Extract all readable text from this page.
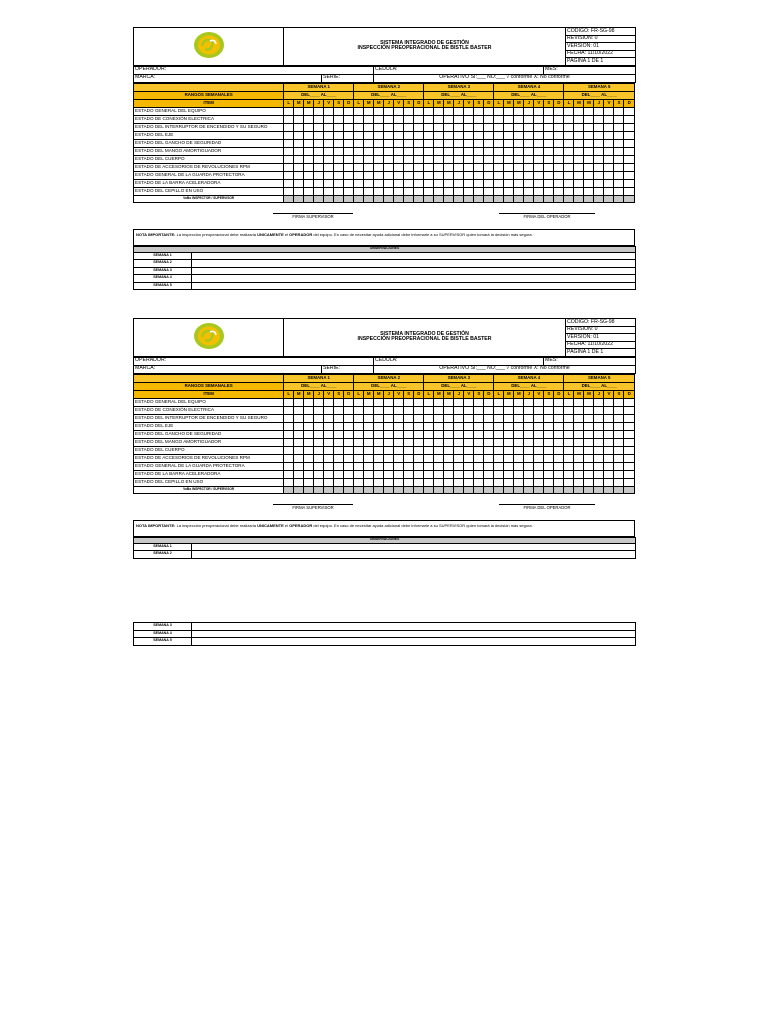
SISTEMA INTEGRADO DE GESTIÓN
INSPECCIÓN PREOPERACIONAL DE BISTLE BASTER
	CODIGO: FR-SG-98
REVISION: 0
VERSION: 01
FECHA: 11/10/2022
PAGINA 1 DE 1
OPERADOR:		CEDULA:	MES:
MARCA:	SERIE:	OPERATIVO SI:___ NO:___ √ conforme X: No conforme	
	SEMANA 1							SEMANA 2							SEMANA 3							SEMANA 4							SEMANA 5						
RANGOS SEMANALES	DEL____ AL____							DEL____ AL____							DEL____ AL____							DEL____ AL____							DEL____ AL____						
ITEM	L	M	M	J	V	S	D	L	M	M	J	V	S	D	L	M	M	J	V	S	D	L	M	M	J	V	S	D	L	M	M	J	V	S	D
ESTADO GENERAL DEL EQUIPO																																			
ESTADO DE CONEXIÓN ELECTRICA																																			
ESTADO DEL INTERRUPTOR DE ENCENDIDO Y SU SEGURO																																			
ESTADO DEL EJE																																			
ESTADO DEL GANCHO DE SEGURIDAD																																			
ESTADO DEL MANGO AMORTIGUADOR																																			
ESTADO DEL CUERPO																																			
ESTADO DE ACCESORIOS DE REVOLUCIONES RPM																																			
ESTADO GENERAL DE LA GUARDA PROTECTORA																																			
ESTADO DE LA BARRA ACELERADORA																																			
ESTADO DEL CEPILLO EN USO																																			
VoBo INSPECTOR / SUPERVISOR																																			
FIRMA SUPERVISOR	FIRMA DEL OPERADOR
NOTA IMPORTANTE: La inspección preoperacional debe realizarla UNICAMENTE el OPERADOR del equipo. En caso de necesitar ayuda adicional debe informarle a su SUPERVISOR quien tomará la decisión más segura.
OBSERVACIONES	
SEMANA 1	
SEMANA 2	
SEMANA 3	
SEMANA 4	
SEMANA 5	

SISTEMA INTEGRADO DE GESTIÓN
INSPECCIÓN PREOPERACIONAL DE BISTLE BASTER
	CODIGO: FR-SG-98
REVISION: 0
VERSION: 01
FECHA: 11/10/2022
PAGINA 1 DE 1
OPERADOR:		CEDULA:	MES:
MARCA:	SERIE:	OPERATIVO SI:___ NO:___ √ conforme X: No conforme	
	SEMANA 1							SEMANA 2							SEMANA 3							SEMANA 4							SEMANA 5						
RANGOS SEMANALES	DEL____ AL____							DEL____ AL____							DEL____ AL____							DEL____ AL____							DEL____ AL____						
ITEM	L	M	M	J	V	S	D	L	M	M	J	V	S	D	L	M	M	J	V	S	D	L	M	M	J	V	S	D	L	M	M	J	V	S	D
ESTADO GENERAL DEL EQUIPO																																			
ESTADO DE CONEXIÓN ELECTRICA																																			
ESTADO DEL INTERRUPTOR DE ENCENDIDO Y SU SEGURO																																			
ESTADO DEL EJE																																			
ESTADO DEL GANCHO DE SEGURIDAD																																			
ESTADO DEL MANGO AMORTIGUADOR																																			
ESTADO DEL CUERPO																																			
ESTADO DE ACCESORIOS DE REVOLUCIONES RPM																																			
ESTADO GENERAL DE LA GUARDA PROTECTORA																																			
ESTADO DE LA BARRA ACELERADORA																																			
ESTADO DEL CEPILLO EN USO																																			
VoBo INSPECTOR / SUPERVISOR																																			
FIRMA SUPERVISOR	FIRMA DEL OPERADOR
NOTA IMPORTANTE: La inspección preoperacional debe realizarla UNICAMENTE el OPERADOR del equipo. En caso de necesitar ayuda adicional debe informarle a su SUPERVISOR quien tomará la decisión más segura.
OBSERVACIONES	
SEMANA 1	
SEMANA 2	
SEMANA 3	
SEMANA 4	
SEMANA 5	
